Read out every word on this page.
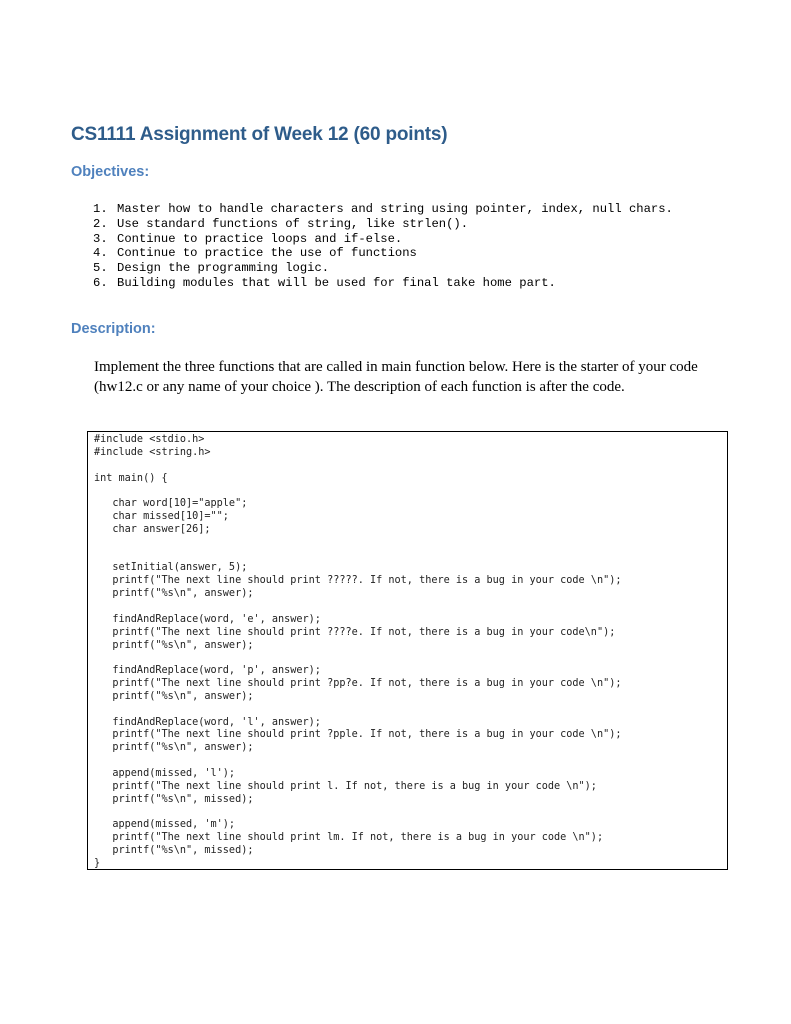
CS1111 Assignment of Week 12 (60 points)
Objectives:
1. Master how to handle characters and string using pointer, index, null chars.
2. Use standard functions of string, like strlen().
3. Continue to practice loops and if-else.
4. Continue to practice the use of functions
5. Design the programming logic.
6. Building modules that will be used for final take home part.
Description:

Implement the three functions that are called in main function below. Here is the starter of your code (hw12.c or any name of your choice ). The description of each function is after the code.

#include <stdio.h>
#include <string.h>

int main() {

char word[10]="apple";
char missed[10]="";
char answer[26];

setInitial(answer, 5);
printf("The next line should print ?????. If not, there is a bug in your code \n");
printf("%s\n", answer);

findAndReplace(word, 'e', answer);
printf("The next line should print ????e. If not, there is a bug in your code\n");
printf("%s\n", answer);

findAndReplace(word, 'p', answer);
printf("The next line should print ?pp?e. If not, there is a bug in your code \n");
printf("%s\n", answer);

findAndReplace(word, 'l', answer);
printf("The next line should print ?pple. If not, there is a bug in your code \n");
printf("%s\n", answer);

append(missed, 'l');
printf("The next line should print l. If not, there is a bug in your code \n");
printf("%s\n", missed);

append(missed, 'm');
printf("The next line should print lm. If not, there is a bug in your code \n");
printf("%s\n", missed);
}
